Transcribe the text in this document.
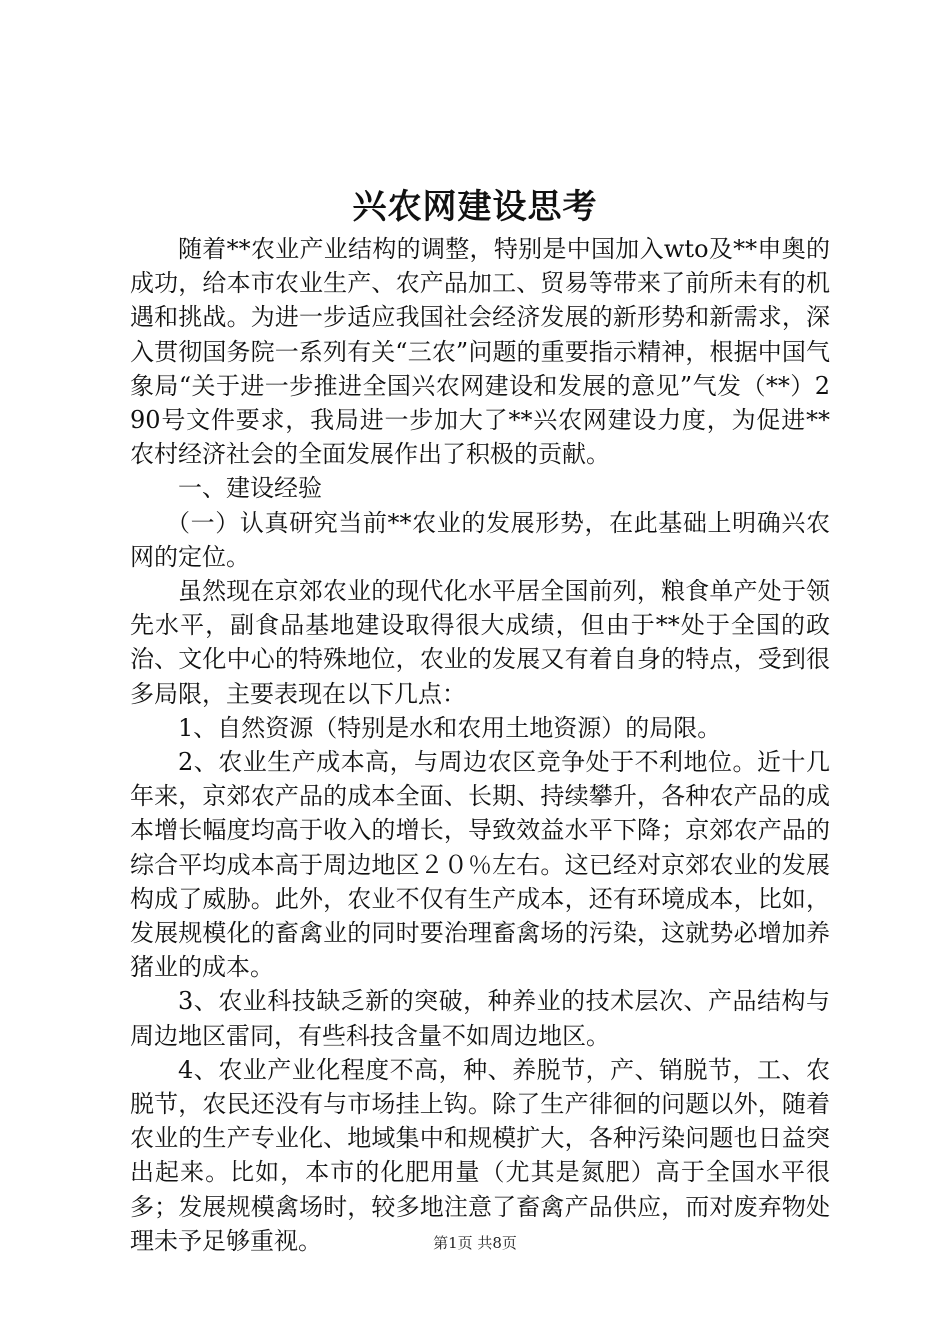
兴农网建设思考

随着**农业产业结构的调整，特别是中国加入wto及**申奥的成功，给本市农业生产、农产品加工、贸易等带来了前所未有的机遇和挑战。为进一步适应我国社会经济发展的新形势和新需求，深入贯彻国务院一系列有关“三农”问题的重要指示精神，根据中国气象局“关于进一步推进全国兴农网建设和发展的意见”气发（**）290号文件要求，我局进一步加大了**兴农网建设力度，为促进**农村经济社会的全面发展作出了积极的贡献。

一、建设经验

（一）认真研究当前**农业的发展形势，在此基础上明确兴农网的定位。

虽然现在京郊农业的现代化水平居全国前列，粮食单产处于领先水平，副食品基地建设取得很大成绩，但由于**处于全国的政治、文化中心的特殊地位，农业的发展又有着自身的特点，受到很多局限，主要表现在以下几点：

1、自然资源（特别是水和农用土地资源）的局限。

2、农业生产成本高，与周边农区竞争处于不利地位。近十几年来，京郊农产品的成本全面、长期、持续攀升，各种农产品的成本增长幅度均高于收入的增长，导致效益水平下降；京郊农产品的综合平均成本高于周边地区２０％左右。这已经对京郊农业的发展构成了威胁。此外，农业不仅有生产成本，还有环境成本，比如，发展规模化的畜禽业的同时要治理畜禽场的污染，这就势必增加养猪业的成本。

3、农业科技缺乏新的突破，种养业的技术层次、产品结构与周边地区雷同，有些科技含量不如周边地区。

4、农业产业化程度不高，种、养脱节，产、销脱节，工、农脱节，农民还没有与市场挂上钩。除了生产徘徊的问题以外，随着农业的生产专业化、地域集中和规模扩大，各种污染问题也日益突出起来。比如，本市的化肥用量（尤其是氮肥）高于全国水平很多；发展规模禽场时，较多地注意了畜禽产品供应，而对废弃物处理未予足够重视。	第1页 共8页
